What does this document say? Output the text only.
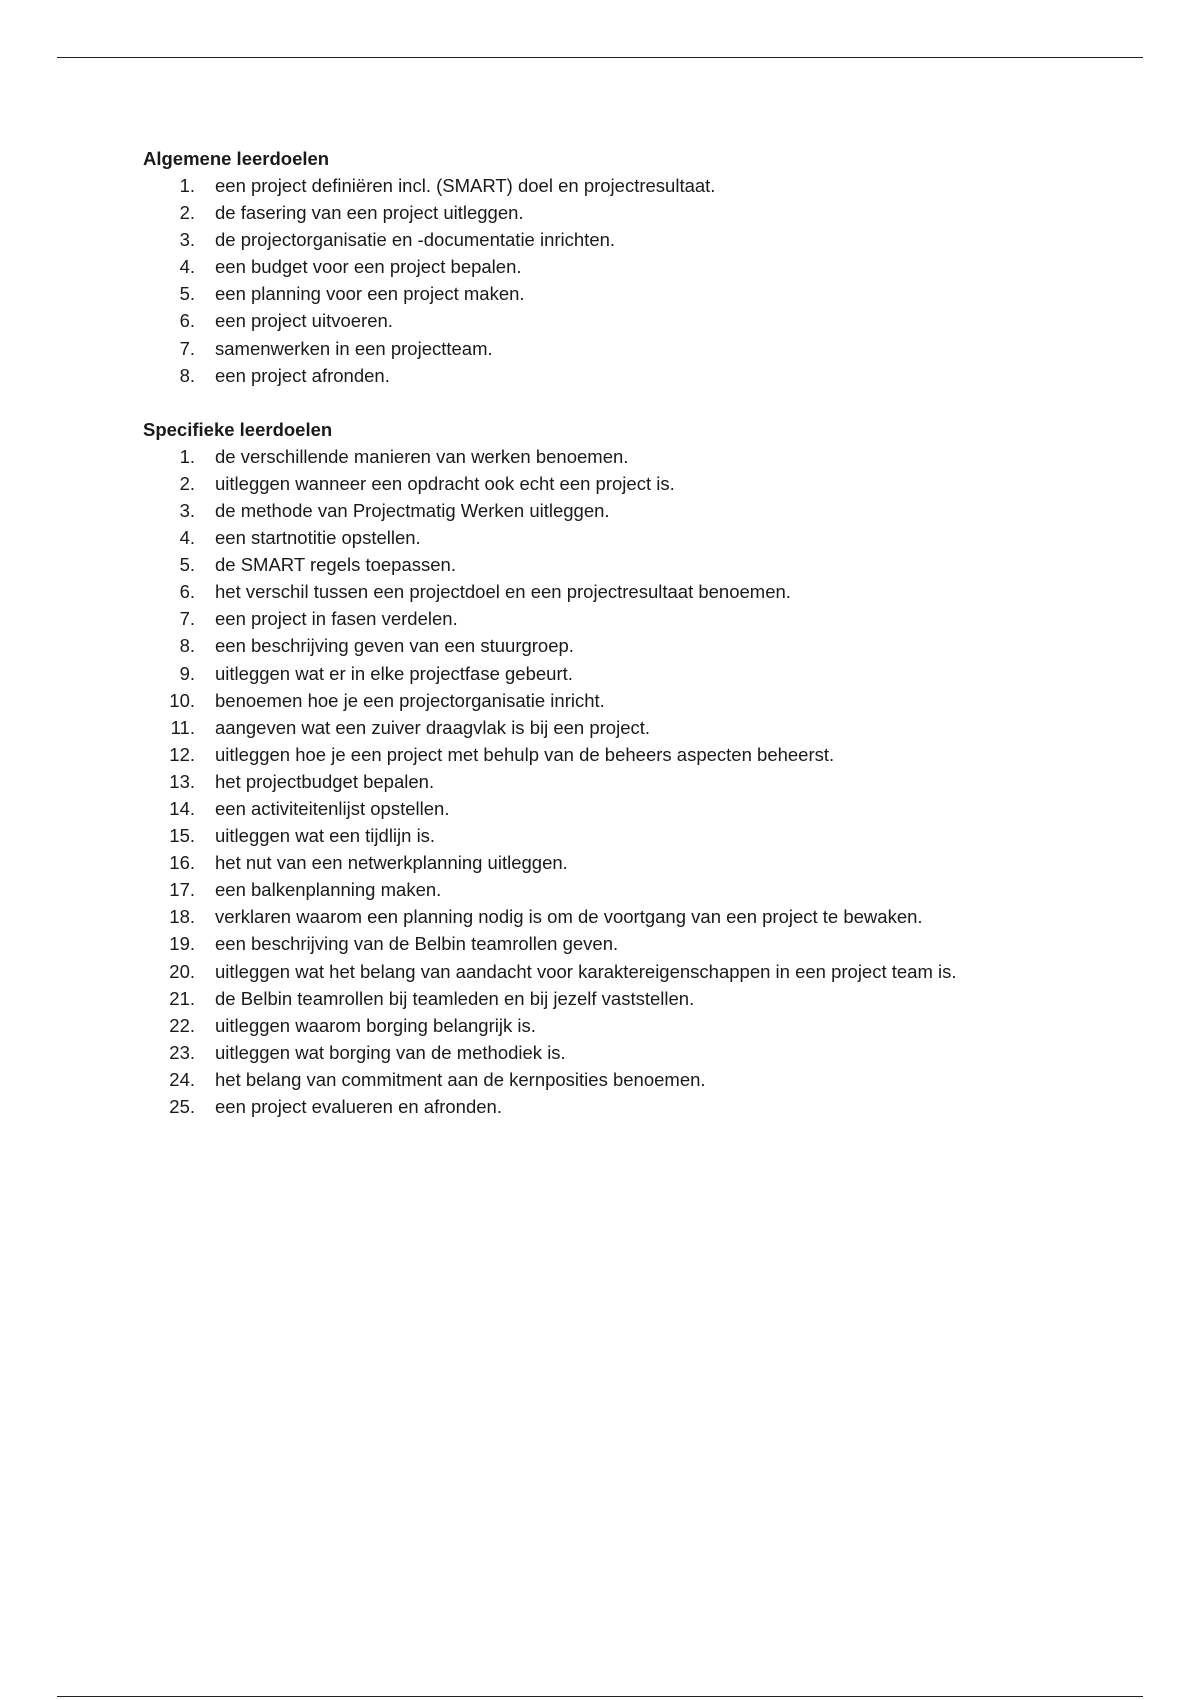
Algemene leerdoelen
1. een project definiëren incl. (SMART) doel en projectresultaat.
2. de fasering van een project uitleggen.
3. de projectorganisatie en -documentatie inrichten.
4. een budget voor een project bepalen.
5. een planning voor een project maken.
6. een project uitvoeren.
7. samenwerken in een projectteam.
8. een project afronden.
Specifieke leerdoelen
1. de verschillende manieren van werken benoemen.
2. uitleggen wanneer een opdracht ook echt een project is.
3. de methode van Projectmatig Werken uitleggen.
4. een startnotitie opstellen.
5. de SMART regels toepassen.
6. het verschil tussen een projectdoel en een projectresultaat benoemen.
7. een project in fasen verdelen.
8. een beschrijving geven van een stuurgroep.
9. uitleggen wat er in elke projectfase gebeurt.
10. benoemen hoe je een projectorganisatie inricht.
11. aangeven wat een zuiver draagvlak is bij een project.
12. uitleggen hoe je een project met behulp van de beheers aspecten beheerst.
13. het projectbudget bepalen.
14. een activiteitenlijst opstellen.
15. uitleggen wat een tijdlijn is.
16. het nut van een netwerkplanning uitleggen.
17. een balkenplanning maken.
18. verklaren waarom een planning nodig is om de voortgang van een project te bewaken.
19. een beschrijving van de Belbin teamrollen geven.
20. uitleggen wat het belang van aandacht voor karaktereigenschappen in een project team is.
21. de Belbin teamrollen bij teamleden en bij jezelf vaststellen.
22. uitleggen waarom borging belangrijk is.
23. uitleggen wat borging van de methodiek is.
24. het belang van commitment aan de kernposities benoemen.
25. een project evalueren en afronden.
